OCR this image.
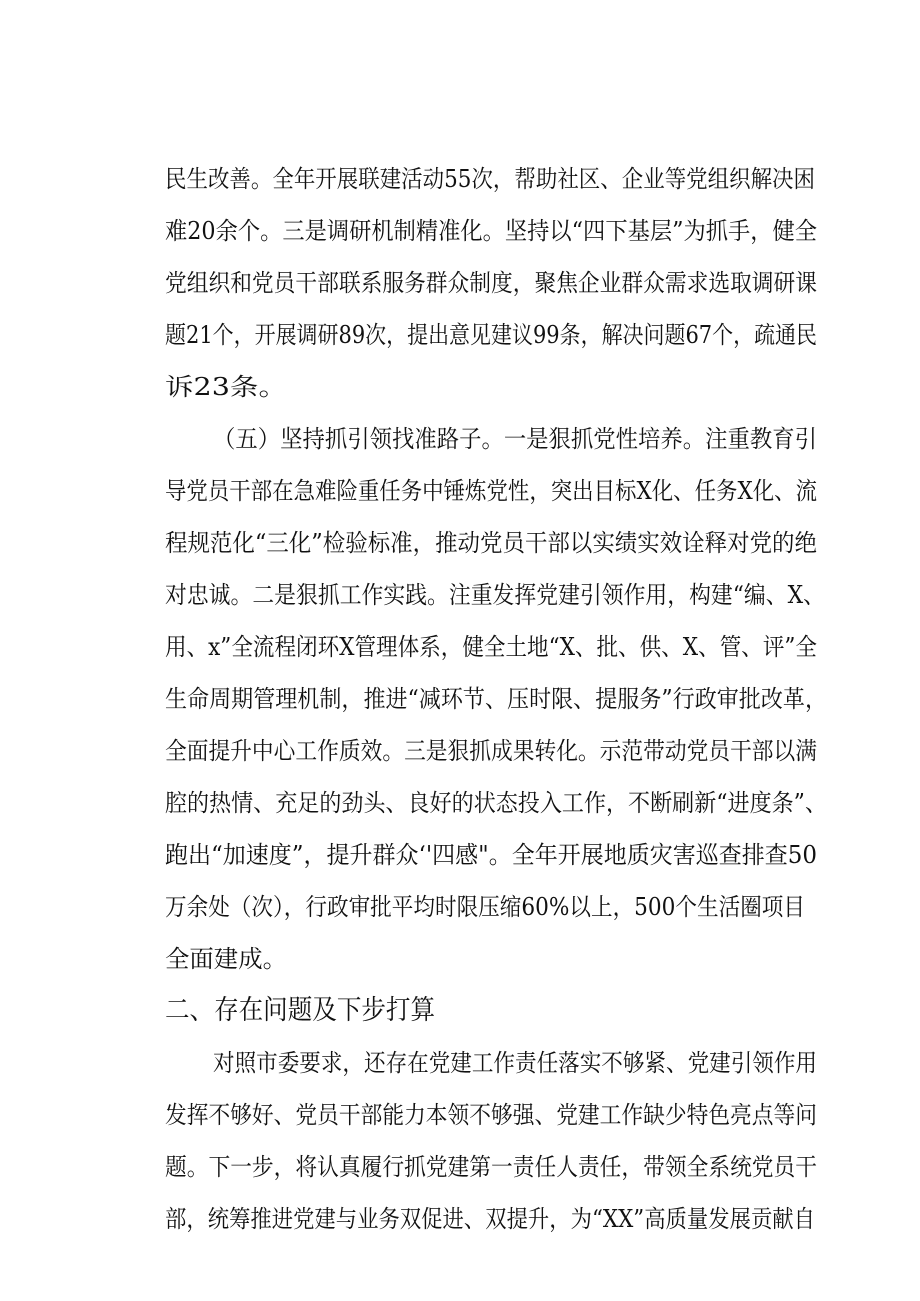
民生改善。全年开展联建活动55次，帮助社区、企业等党组织解决困
难20余个。三是调研机制精准化。坚持以“四下基层”为抓手，健全
党组织和党员干部联系服务群众制度，聚焦企业群众需求选取调研课
题21个，开展调研89次，提出意见建议99条，解决问题67个，疏通民
诉23条。
（五）坚持抓引领找准路子。一是狠抓党性培养。注重教育引
导党员干部在急难险重任务中锤炼党性，突出目标X化、任务X化、流
程规范化“三化”检验标准，推动党员干部以实绩实效诠释对党的绝
对忠诚。二是狠抓工作实践。注重发挥党建引领作用，构建“编、X、
用、x”全流程闭环X管理体系，健全土地“X、批、供、X、管、评”全
生命周期管理机制，推进“减环节、压时限、提服务”行政审批改革，
全面提升中心工作质效。三是狠抓成果转化。示范带动党员干部以满
腔的热情、充足的劲头、良好的状态投入工作，不断刷新“进度条”、
跑出“加速度”，提升群众‘'四感"。全年开展地质灾害巡查排查50
万余处（次），行政审批平均时限压缩60%以上，500个生活圈项目
全面建成。
二、存在问题及下步打算
对照市委要求，还存在党建工作责任落实不够紧、党建引领作用
发挥不够好、党员干部能力本领不够强、党建工作缺少特色亮点等问
题。下一步，将认真履行抓党建第一责任人责任，带领全系统党员干
部，统筹推进党建与业务双促进、双提升，为“XX”高质量发展贡献自
